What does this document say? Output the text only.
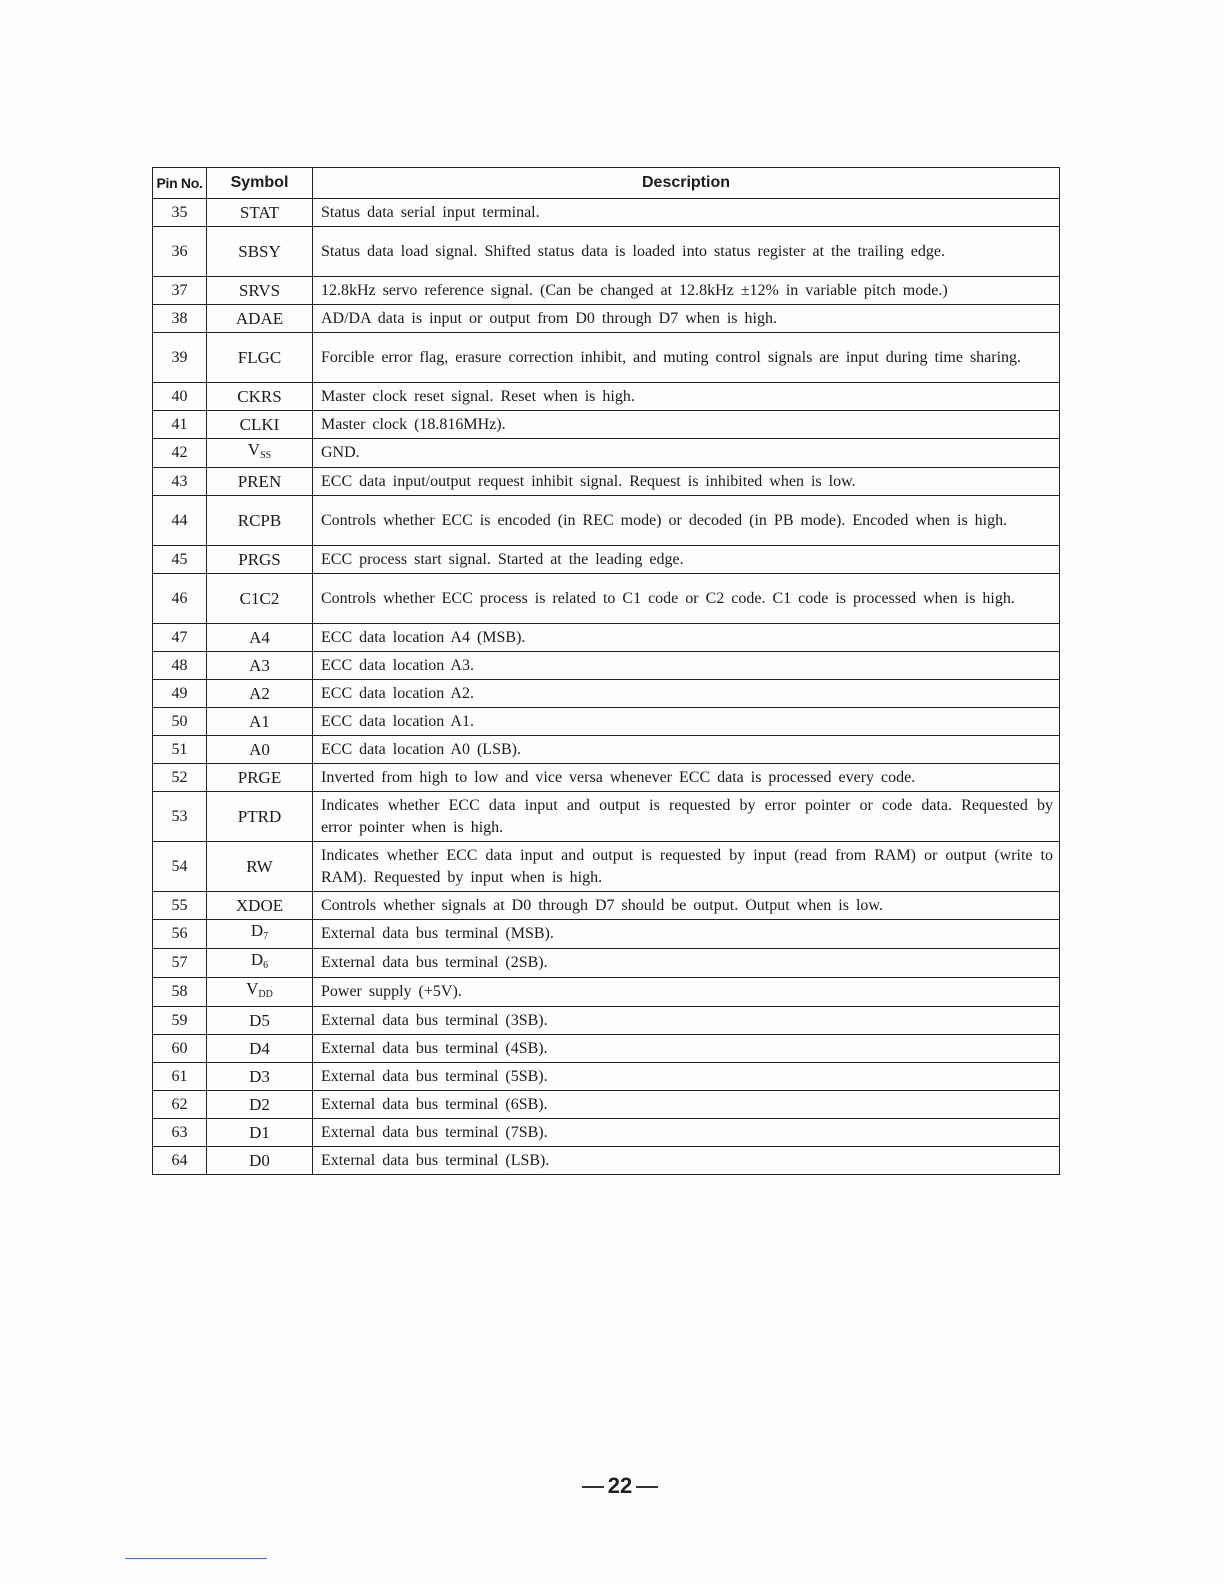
Pin No.	Symbol	Description
35	STAT	Status data serial input terminal.
36	SBSY	Status data load signal. Shifted status data is loaded into status register at the trailing edge.
37	SRVS	12.8kHz servo reference signal. (Can be changed at 12.8kHz ±12% in variable pitch mode.)
38	ADAE	AD/DA data is input or output from D0 through D7 when is high.
39	FLGC	Forcible error flag, erasure correction inhibit, and muting control signals are input during time sharing.
40	CKRS	Master clock reset signal. Reset when is high.
41	CLKI	Master clock (18.816MHz).
42	VSS	GND.
43	PREN	ECC data input/output request inhibit signal. Request is inhibited when is low.
44	RCPB	Controls whether ECC is encoded (in REC mode) or decoded (in PB mode). Encoded when is high.
45	PRGS	ECC process start signal. Started at the leading edge.
46	C1C2	Controls whether ECC process is related to C1 code or C2 code. C1 code is processed when is high.
47	A4	ECC data location A4 (MSB).
48	A3	ECC data location A3.
49	A2	ECC data location A2.
50	A1	ECC data location A1.
51	A0	ECC data location A0 (LSB).
52	PRGE	Inverted from high to low and vice versa whenever ECC data is processed every code.
53	PTRD	Indicates whether ECC data input and output is requested by error pointer or code data. Requested by error pointer when is high.
54	RW	Indicates whether ECC data input and output is requested by input (read from RAM) or output (write to RAM). Requested by input when is high.
55	XDOE	Controls whether signals at D0 through D7 should be output. Output when is low.
56	D7	External data bus terminal (MSB).
57	D6	External data bus terminal (2SB).
58	VDD	Power supply (+5V).
59	D5	External data bus terminal (3SB).
60	D4	External data bus terminal (4SB).
61	D3	External data bus terminal (5SB).
62	D2	External data bus terminal (6SB).
63	D1	External data bus terminal (7SB).
64	D0	External data bus terminal (LSB).
22
